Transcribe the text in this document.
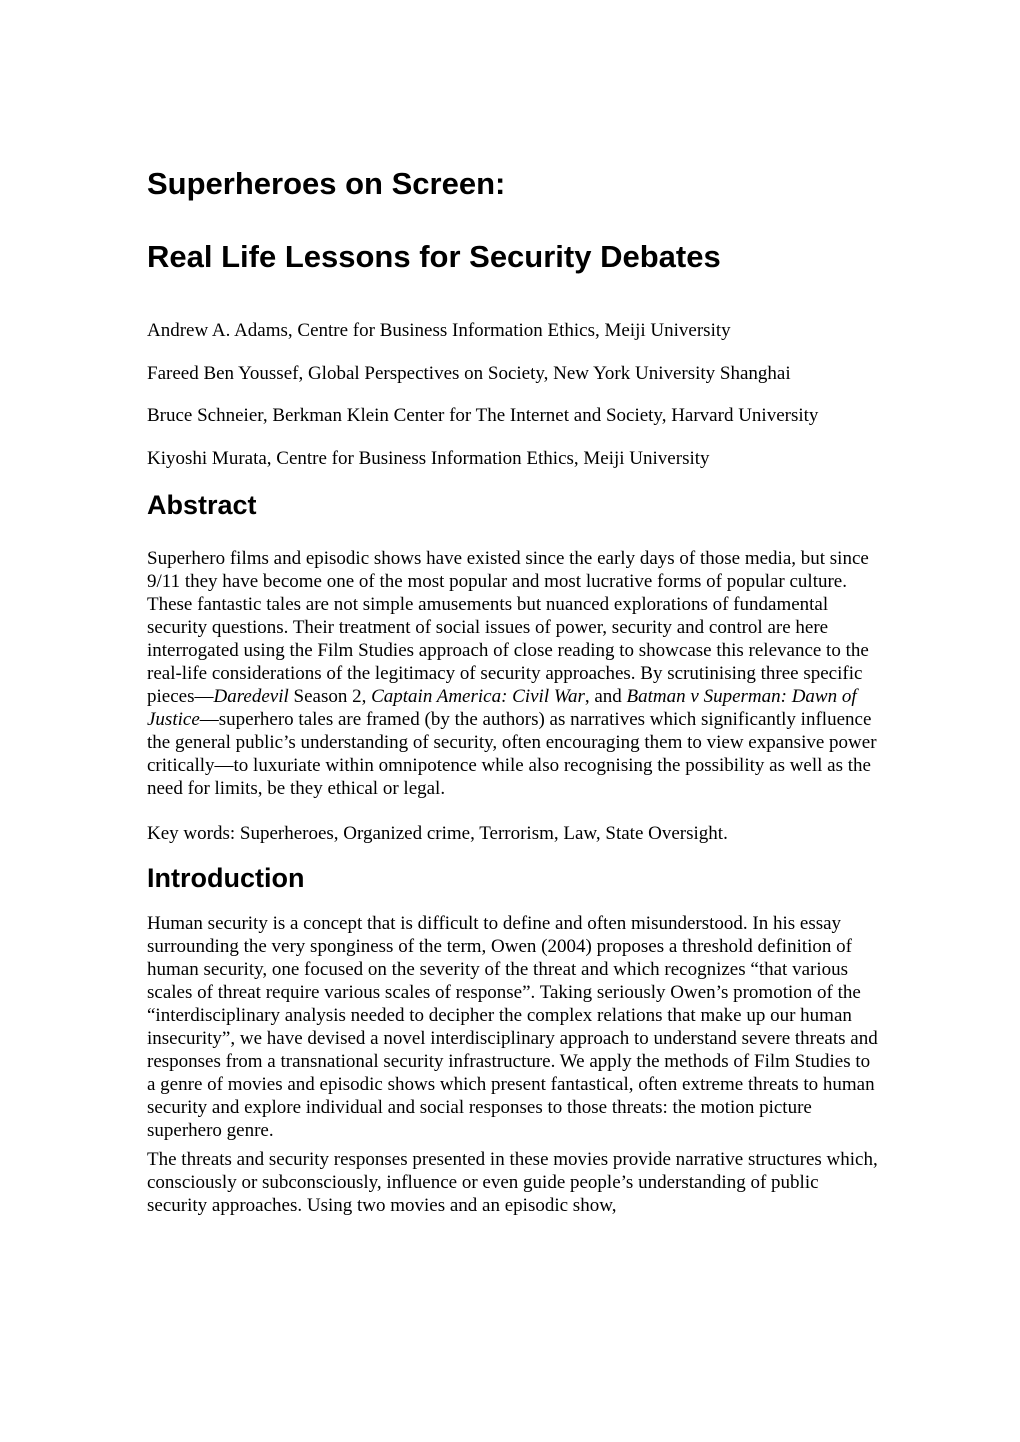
Superheroes on Screen:
Real Life Lessons for Security Debates

Andrew A. Adams, Centre for Business Information Ethics, Meiji University

Fareed Ben Youssef, Global Perspectives on Society, New York University Shanghai

Bruce Schneier, Berkman Klein Center for The Internet and Society, Harvard University

Kiyoshi Murata, Centre for Business Information Ethics, Meiji University

Abstract

Superhero films and episodic shows have existed since the early days of those media, but since 9/11 they have become one of the most popular and most lucrative forms of popular culture. These fantastic tales are not simple amusements but nuanced explorations of fundamental security questions. Their treatment of social issues of power, security and control are here interrogated using the Film Studies approach of close reading to showcase this relevance to the real-life considerations of the legitimacy of security approaches. By scrutinising three specific pieces—Daredevil Season 2, Captain America: Civil War, and Batman v Superman: Dawn of Justice—superhero tales are framed (by the authors) as narratives which significantly influence the general public’s understanding of security, often encouraging them to view expansive power critically—to luxuriate within omnipotence while also recognising the possibility as well as the need for limits, be they ethical or legal.

Key words: Superheroes, Organized crime, Terrorism, Law, State Oversight.

Introduction

Human security is a concept that is difficult to define and often misunderstood. In his essay surrounding the very sponginess of the term, Owen (2004) proposes a threshold definition of human security, one focused on the severity of the threat and which recognizes “that various scales of threat require various scales of response”. Taking seriously Owen’s promotion of the “interdisciplinary analysis needed to decipher the complex relations that make up our human insecurity”, we have devised a novel interdisciplinary approach to understand severe threats and responses from a transnational security infrastructure. We apply the methods of Film Studies to a genre of movies and episodic shows which present fantastical, often extreme threats to human security and explore individual and social responses to those threats: the motion picture superhero genre.

The threats and security responses presented in these movies provide narrative structures which, consciously or subconsciously, influence or even guide people’s understanding of public security approaches. Using two movies and an episodic show,
